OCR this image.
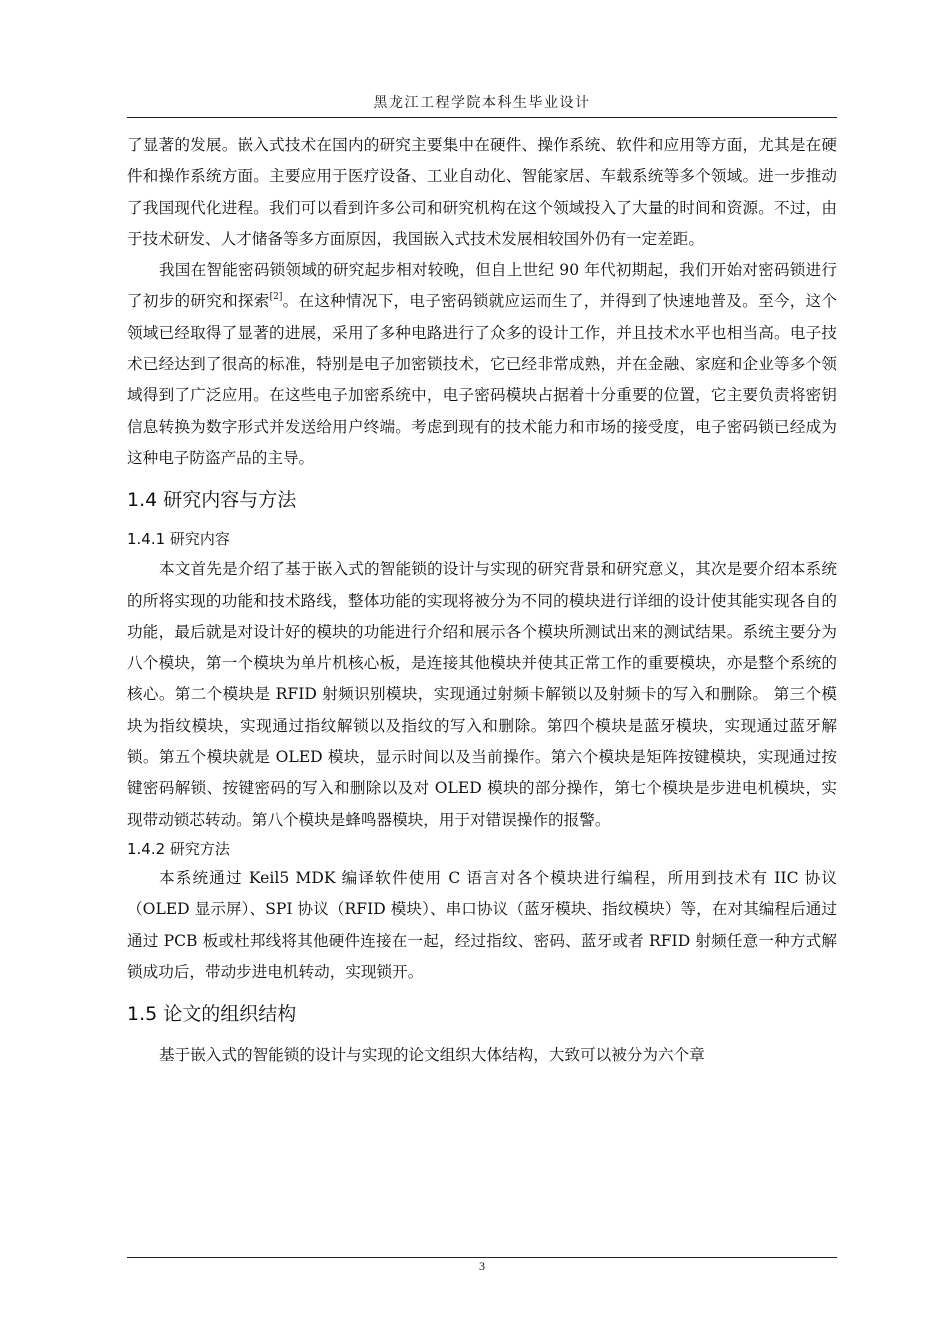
黑龙江工程学院本科生毕业设计

了显著的发展。嵌入式技术在国内的研究主要集中在硬件、操作系统、软件和应用等方面，尤其是在硬件和操作系统方面。主要应用于医疗设备、工业自动化、智能家居、车载系统等多个领域。进一步推动了我国现代化进程。我们可以看到许多公司和研究机构在这个领域投入了大量的时间和资源。不过，由于技术研发、人才储备等多方面原因，我国嵌入式技术发展相较国外仍有一定差距。

我国在智能密码锁领域的研究起步相对较晚，但自上世纪 90 年代初期起，我们开始对密码锁进行了初步的研究和探索[2]。在这种情况下，电子密码锁就应运而生了，并得到了快速地普及。至今，这个领域已经取得了显著的进展，采用了多种电路进行了众多的设计工作，并且技术水平也相当高。电子技术已经达到了很高的标准，特别是电子加密锁技术，它已经非常成熟，并在金融、家庭和企业等多个领域得到了广泛应用。在这些电子加密系统中，电子密码模块占据着十分重要的位置，它主要负责将密钥信息转换为数字形式并发送给用户终端。考虑到现有的技术能力和市场的接受度，电子密码锁已经成为这种电子防盗产品的主导。

1.4 研究内容与方法
1.4.1 研究内容

本文首先是介绍了基于嵌入式的智能锁的设计与实现的研究背景和研究意义，其次是要介绍本系统的所将实现的功能和技术路线，整体功能的实现将被分为不同的模块进行详细的设计使其能实现各自的功能，最后就是对设计好的模块的功能进行介绍和展示各个模块所测试出来的测试结果。系统主要分为八个模块，第一个模块为单片机核心板，是连接其他模块并使其正常工作的重要模块，亦是整个系统的核心。第二个模块是 RFID 射频识别模块，实现通过射频卡解锁以及射频卡的写入和删除。 第三个模块为指纹模块，实现通过指纹解锁以及指纹的写入和删除。第四个模块是蓝牙模块，实现通过蓝牙解锁。第五个模块就是 OLED 模块，显示时间以及当前操作。第六个模块是矩阵按键模块，实现通过按键密码解锁、按键密码的写入和删除以及对 OLED 模块的部分操作，第七个模块是步进电机模块，实现带动锁芯转动。第八个模块是蜂鸣器模块，用于对错误操作的报警。

1.4.2 研究方法

本系统通过 Keil5 MDK 编译软件使用 C 语言对各个模块进行编程，所用到技术有 IIC 协议（OLED 显示屏）、SPI 协议（RFID 模块）、串口协议（蓝牙模块、指纹模块）等，在对其编程后通过通过 PCB 板或杜邦线将其他硬件连接在一起，经过指纹、密码、蓝牙或者 RFID 射频任意一种方式解锁成功后，带动步进电机转动，实现锁开。

1.5 论文的组织结构

基于嵌入式的智能锁的设计与实现的论文组织大体结构，大致可以被分为六个章

3
